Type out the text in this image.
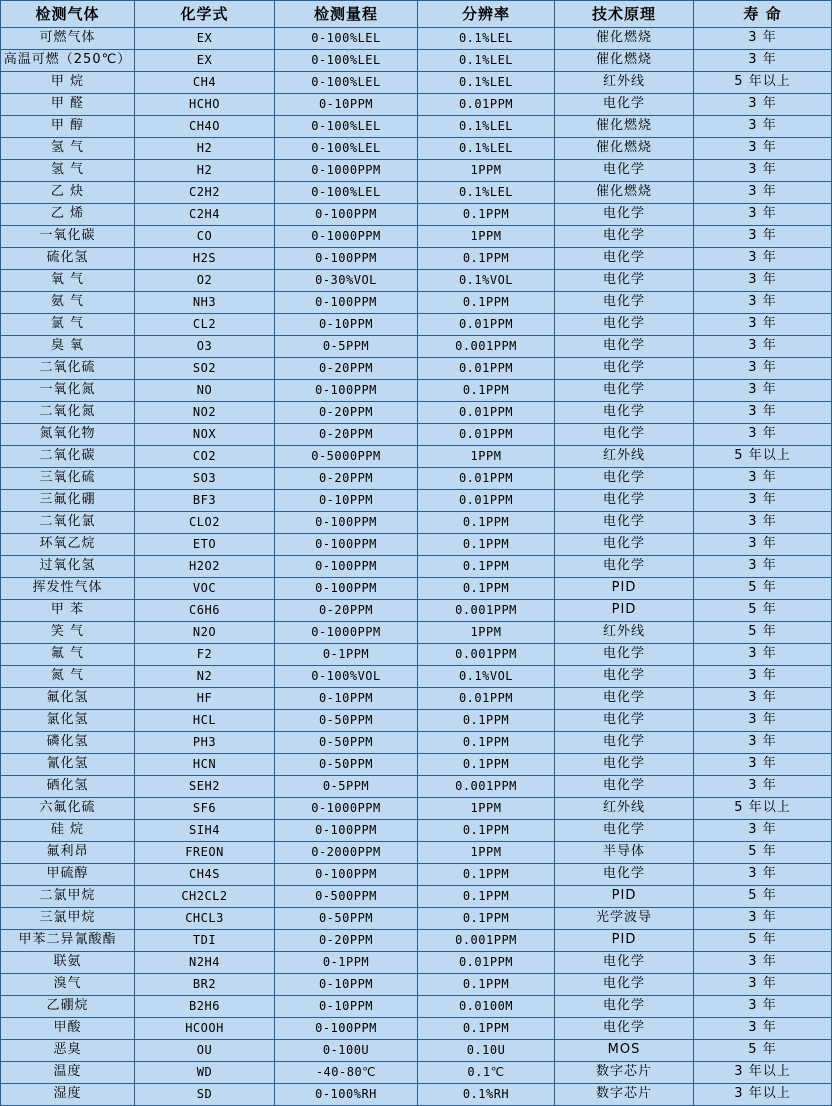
检测气体	化学式	检测量程	分辨率	技术原理	寿 命
可燃气体	EX	0-100%LEL	0.1%LEL	催化燃烧	3 年
高温可燃（250℃）	EX	0-100%LEL	0.1%LEL	催化燃烧	3 年
甲 烷	CH4	0-100%LEL	0.1%LEL	红外线	5 年以上
甲 醛	HCHO	0-10PPM	0.01PPM	电化学	3 年
甲 醇	CH4O	0-100%LEL	0.1%LEL	催化燃烧	3 年
氢 气	H2	0-100%LEL	0.1%LEL	催化燃烧	3 年
氢 气	H2	0-1000PPM	1PPM	电化学	3 年
乙 炔	C2H2	0-100%LEL	0.1%LEL	催化燃烧	3 年
乙 烯	C2H4	0-100PPM	0.1PPM	电化学	3 年
一氧化碳	CO	0-1000PPM	1PPM	电化学	3 年
硫化氢	H2S	0-100PPM	0.1PPM	电化学	3 年
氧 气	O2	0-30%VOL	0.1%VOL	电化学	3 年
氨 气	NH3	0-100PPM	0.1PPM	电化学	3 年
氯 气	CL2	0-10PPM	0.01PPM	电化学	3 年
臭 氧	O3	0-5PPM	0.001PPM	电化学	3 年
二氧化硫	SO2	0-20PPM	0.01PPM	电化学	3 年
一氧化氮	NO	0-100PPM	0.1PPM	电化学	3 年
二氧化氮	NO2	0-20PPM	0.01PPM	电化学	3 年
氮氧化物	NOX	0-20PPM	0.01PPM	电化学	3 年
二氧化碳	CO2	0-5000PPM	1PPM	红外线	5 年以上
三氧化硫	SO3	0-20PPM	0.01PPM	电化学	3 年
三氟化硼	BF3	0-10PPM	0.01PPM	电化学	3 年
二氧化氯	CLO2	0-100PPM	0.1PPM	电化学	3 年
环氧乙烷	ETO	0-100PPM	0.1PPM	电化学	3 年
过氧化氢	H2O2	0-100PPM	0.1PPM	电化学	3 年
挥发性气体	VOC	0-100PPM	0.1PPM	PID	5 年
甲 苯	C6H6	0-20PPM	0.001PPM	PID	5 年
笑 气	N2O	0-1000PPM	1PPM	红外线	5 年
氟 气	F2	0-1PPM	0.001PPM	电化学	3 年
氮 气	N2	0-100%VOL	0.1%VOL	电化学	3 年
氟化氢	HF	0-10PPM	0.01PPM	电化学	3 年
氯化氢	HCL	0-50PPM	0.1PPM	电化学	3 年
磷化氢	PH3	0-50PPM	0.1PPM	电化学	3 年
氰化氢	HCN	0-50PPM	0.1PPM	电化学	3 年
硒化氢	SEH2	0-5PPM	0.001PPM	电化学	3 年
六氟化硫	SF6	0-1000PPM	1PPM	红外线	5 年以上
硅 烷	SIH4	0-100PPM	0.1PPM	电化学	3 年
氟利昂	FREON	0-2000PPM	1PPM	半导体	5 年
甲硫醇	CH4S	0-100PPM	0.1PPM	电化学	3 年
二氯甲烷	CH2CL2	0-500PPM	0.1PPM	PID	5 年
三氯甲烷	CHCL3	0-50PPM	0.1PPM	光学波导	3 年
甲苯二异氰酸酯	TDI	0-20PPM	0.001PPM	PID	5 年
联氨	N2H4	0-1PPM	0.01PPM	电化学	3 年
溴气	BR2	0-10PPM	0.1PPM	电化学	3 年
乙硼烷	B2H6	0-10PPM	0.0100M	电化学	3 年
甲酸	HCOOH	0-100PPM	0.1PPM	电化学	3 年
恶臭	OU	0-100U	0.10U	MOS	5 年
温度	WD	-40-80℃	0.1℃	数字芯片	3 年以上
湿度	SD	0-100%RH	0.1%RH	数字芯片	3 年以上
